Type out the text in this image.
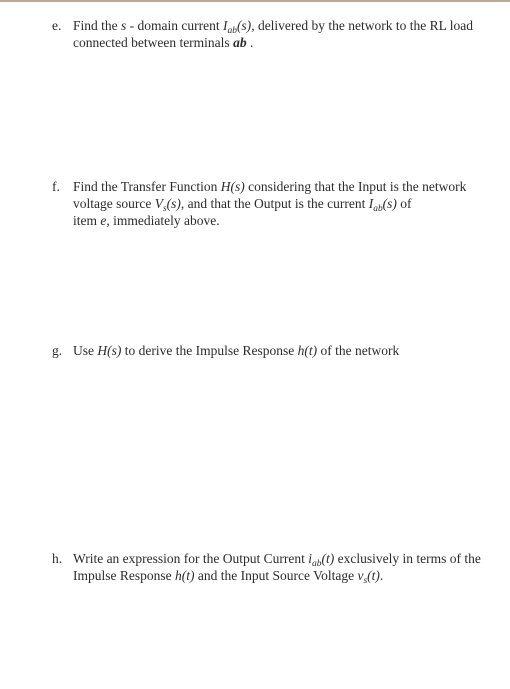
e. Find the s - domain current $I_{ab}(s)$, delivered by the network to the RL load
connected between terminals ab .
f. Find the Transfer Function H(s) considering that the Input is the network
voltage source $V_s(s)$, and that the Output is the current $I_{ab}(s)$ of
item e, immediately above.
g. Use H(s) to derive the Impulse Response h(t) of the network
h. Write an expression for the Output Current $i_{ab}(t)$ exclusively in terms of the
Impulse Response h(t) and the Input Source Voltage $v_s(t)$.
